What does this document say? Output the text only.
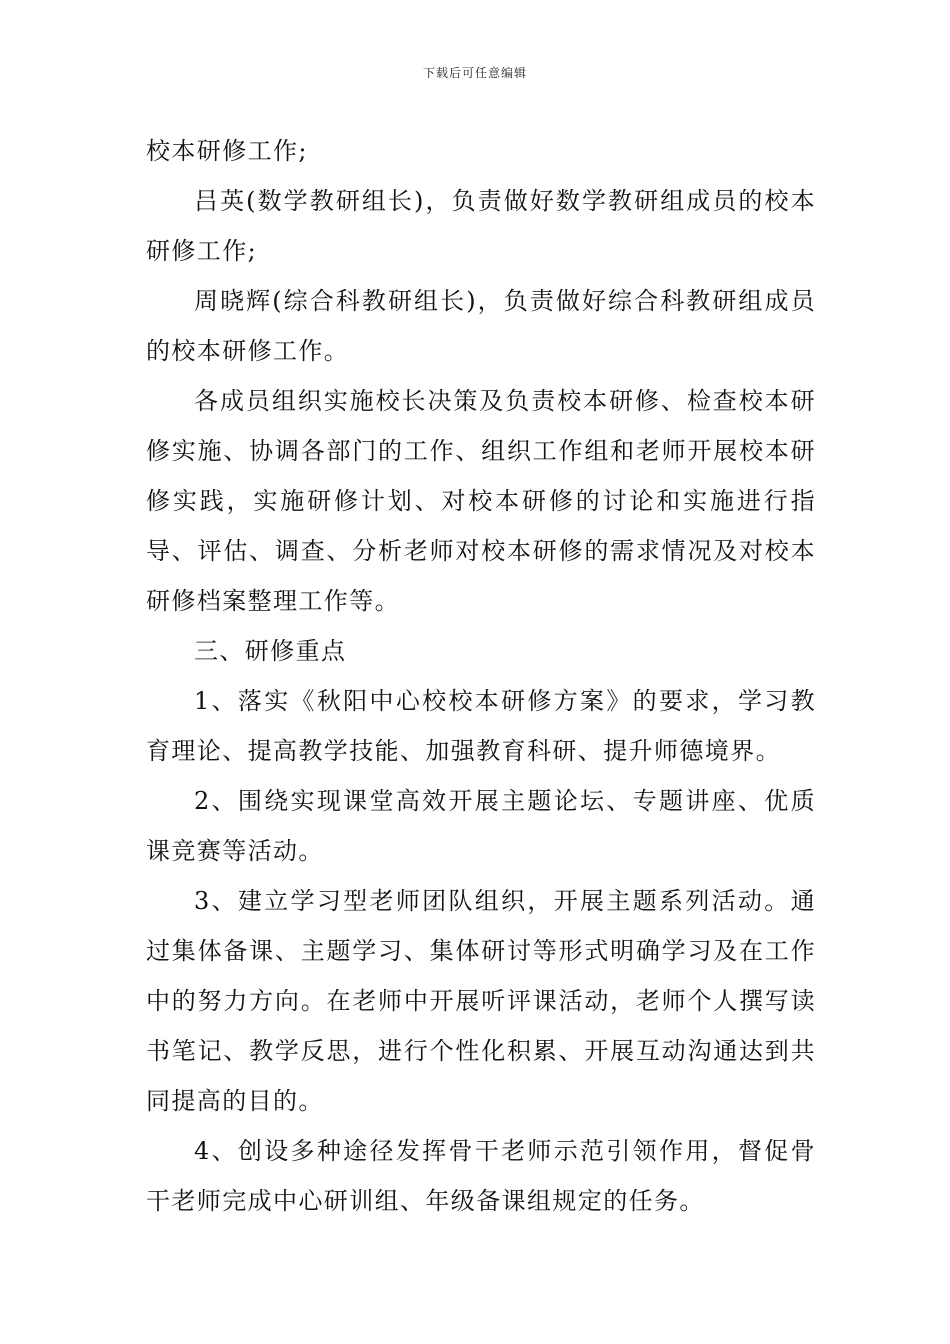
下载后可任意编辑

校本研修工作;

吕英(数学教研组长)，负责做好数学教研组成员的校本研修工作;

周晓辉(综合科教研组长)，负责做好综合科教研组成员的校本研修工作。

各成员组织实施校长决策及负责校本研修、检查校本研修实施、协调各部门的工作、组织工作组和老师开展校本研修实践，实施研修计划、对校本研修的讨论和实施进行指导、评估、调查、分析老师对校本研修的需求情况及对校本研修档案整理工作等。

三、研修重点

1、落实《秋阳中心校校本研修方案》的要求，学习教育理论、提高教学技能、加强教育科研、提升师德境界。

2、围绕实现课堂高效开展主题论坛、专题讲座、优质课竞赛等活动。

3、建立学习型老师团队组织，开展主题系列活动。通过集体备课、主题学习、集体研讨等形式明确学习及在工作中的努力方向。在老师中开展听评课活动，老师个人撰写读书笔记、教学反思，进行个性化积累、开展互动沟通达到共同提高的目的。

4、创设多种途径发挥骨干老师示范引领作用，督促骨干老师完成中心研训组、年级备课组规定的任务。
